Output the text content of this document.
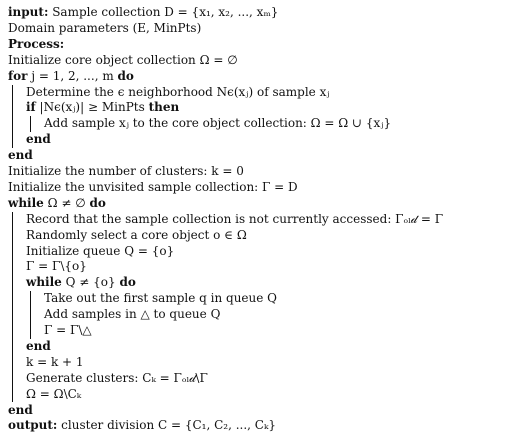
input: Sample collection D = {x₁, x₂, ..., xₘ}
Domain parameters (E, MinPts)
Process:
Initialize core object collection Ω = ∅
for j = 1, 2, ..., m do
Determine the ϵ neighborhood Nϵ(xⱼ) of sample xⱼ
if |Nϵ(xⱼ)| ≥ MinPts then
Add sample xⱼ to the core object collection: Ω = Ω ∪ {xⱼ}
end
end
Initialize the number of clusters: k = 0
Initialize the unvisited sample collection: Γ = D
while Ω ≠ ∅ do
Record that the sample collection is not currently accessed: Γₒₗ𝒹 = Γ
Randomly select a core object o ∈ Ω
Initialize queue Q = {o}
Γ = Γ\{o}
while Q ≠ {o} do
Take out the first sample q in queue Q
Add samples in △ to queue Q
Γ = Γ\△
end
k = k + 1
Generate clusters: Cₖ = Γₒₗ𝒹\Γ
Ω = Ω\Cₖ
end
output: cluster division C = {C₁, C₂, ..., Cₖ}
